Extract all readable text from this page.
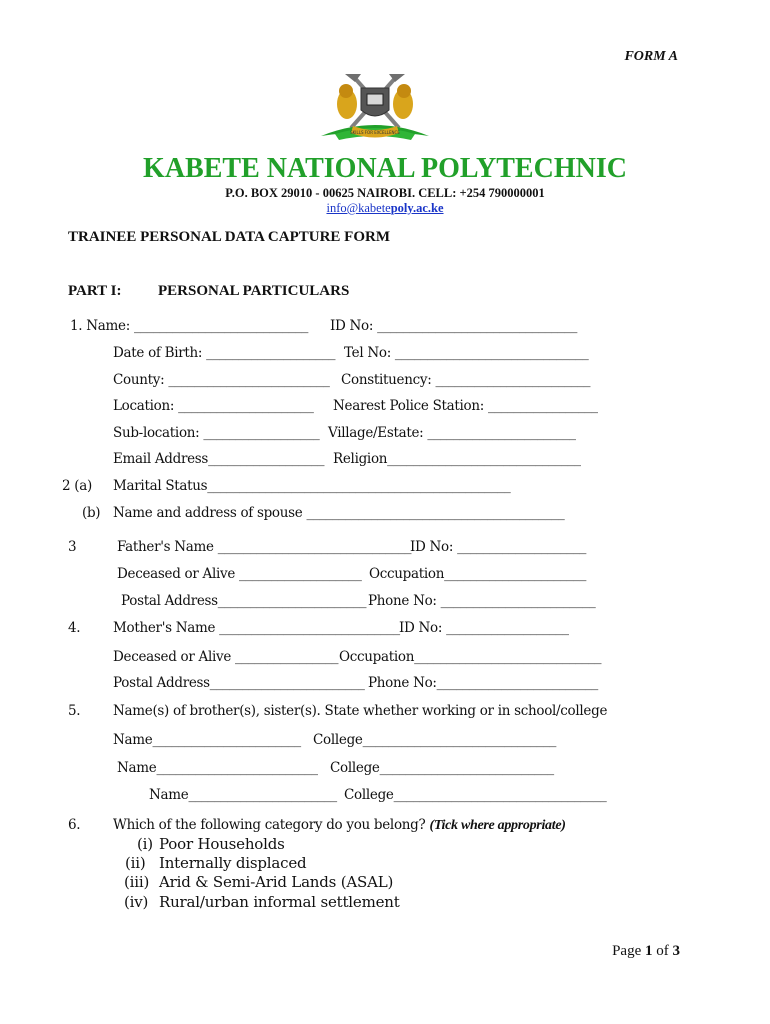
FORM A
SKILLS FOR EXCELLENCE
KABETE NATIONAL POLYTECHNIC
P.O. BOX 29010 - 00625 NAIROBI. CELL: +254 790000001
info@kabetepoly.ac.ke
TRAINEE PERSONAL DATA CAPTURE FORM
PART I: PERSONAL PARTICULARS
1. Name: ___________________________ ID No: _______________________________
Date of Birth: ____________________ Tel No: ______________________________
County: _________________________ Constituency: ________________________
Location: _____________________ Nearest Police Station: _________________
Sub-location: __________________ Village/Estate: _______________________
Email Address__________________ Religion______________________________
2 (a) Marital Status_______________________________________________
(b) Name and address of spouse ________________________________________
3	Father's Name ______________________________
ID No: ____________________
Deceased or Alive ___________________ Occupation______________________
Postal Address_______________________ Phone No: ________________________
4. Mother's Name ____________________________ ID No: ___________________
Deceased or Alive ________________ Occupation_____________________________
Postal Address________________________ Phone No:_________________________
5. Name(s) of brother(s), sister(s). State whether working or in school/college
Name_______________________ College______________________________
Name_________________________ College___________________________
Name_______________________ College_________________________________
6. Which of the following category do you belong? (Tick where appropriate)
(i) Poor Households
(ii) Internally displaced
(iii) Arid & Semi-Arid Lands (ASAL)
(iv) Rural/urban informal settlement
Page 1 of 3
